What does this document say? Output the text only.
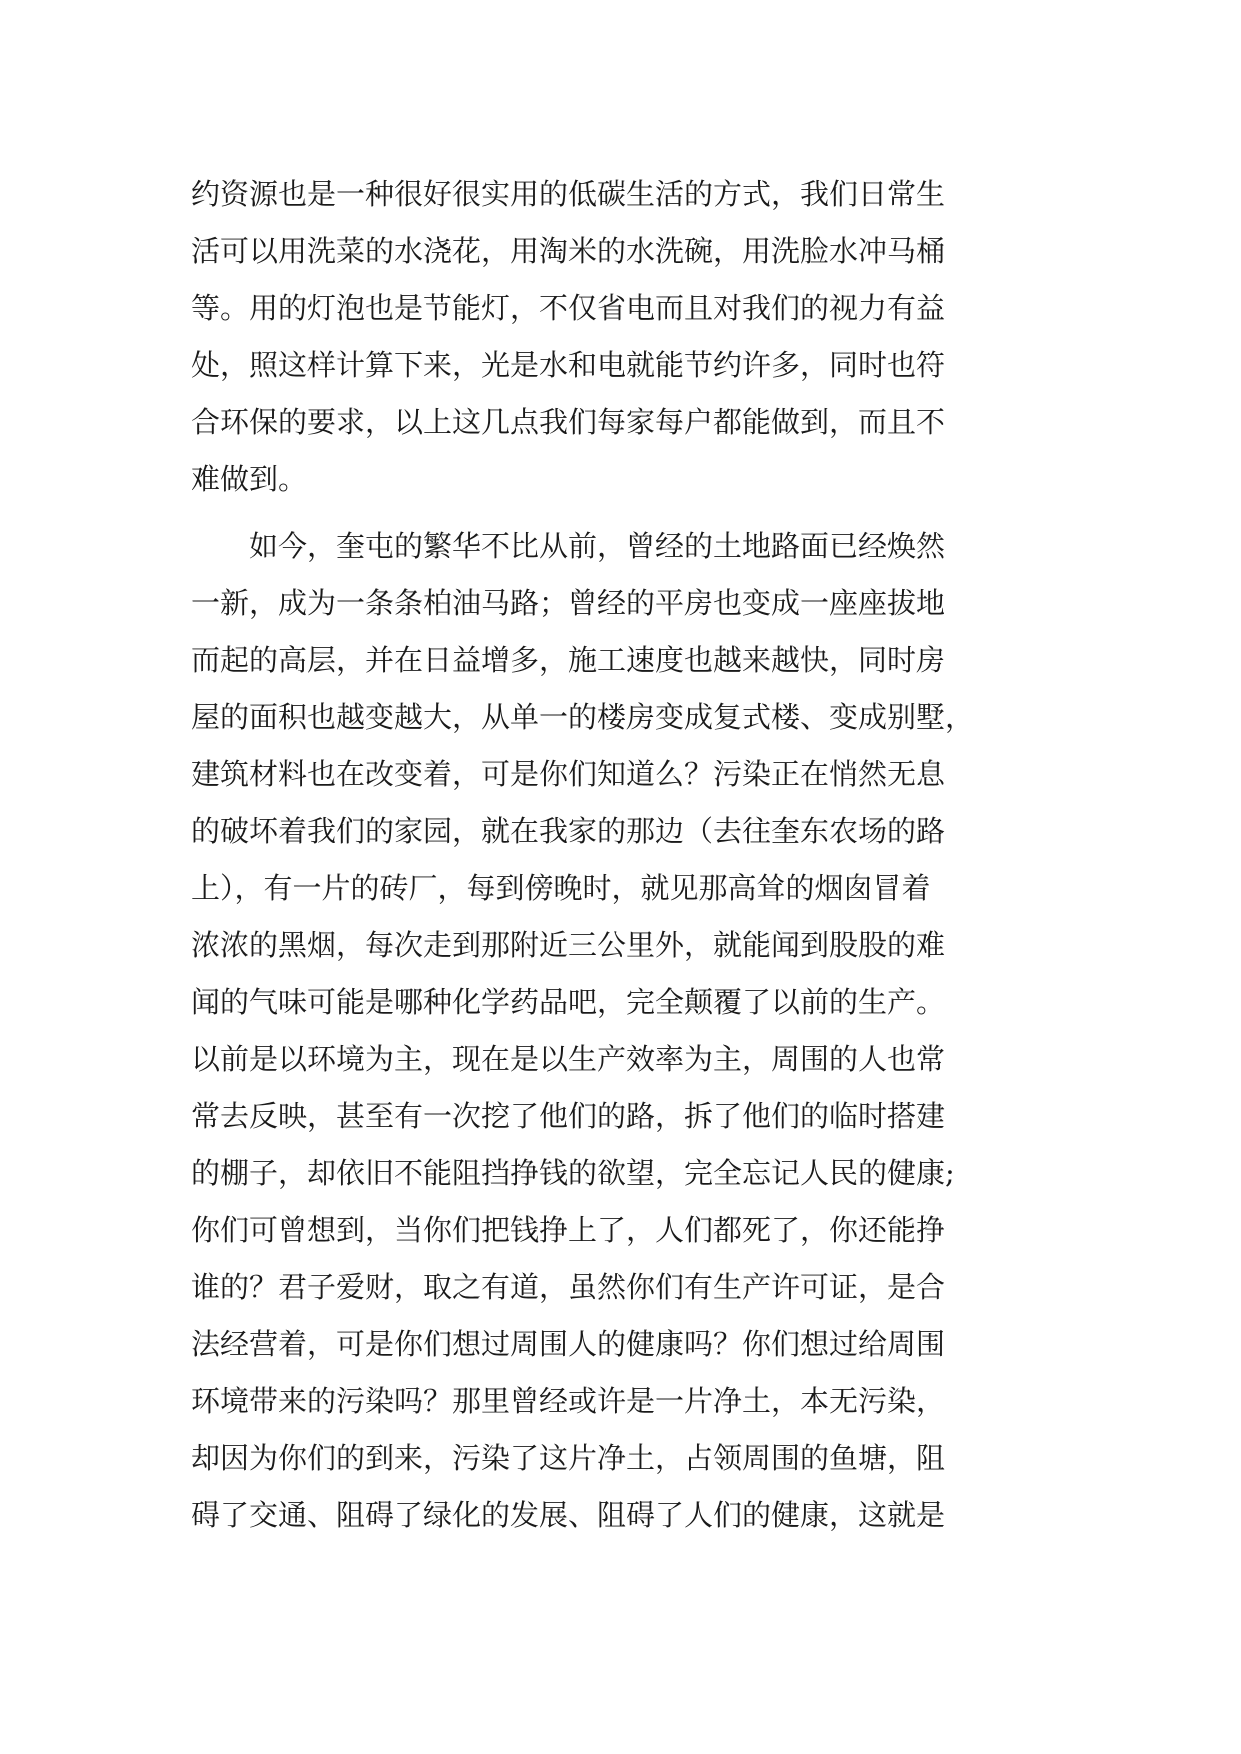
约资源也是一种很好很实用的低碳生活的方式，我们日常生
活可以用洗菜的水浇花，用淘米的水洗碗，用洗脸水冲马桶
等。用的灯泡也是节能灯，不仅省电而且对我们的视力有益
处，照这样计算下来，光是水和电就能节约许多，同时也符
合环保的要求，以上这几点我们每家每户都能做到，而且不
难做到。
如今，奎屯的繁华不比从前，曾经的土地路面已经焕然
一新，成为一条条柏油马路；曾经的平房也变成一座座拔地
而起的高层，并在日益增多，施工速度也越来越快，同时房
屋的面积也越变越大，从单一的楼房变成复式楼、变成别墅，
建筑材料也在改变着，可是你们知道么？污染正在悄然无息
的破坏着我们的家园，就在我家的那边（去往奎东农场的路
上），有一片的砖厂，每到傍晚时，就见那高耸的烟囱冒着
浓浓的黑烟，每次走到那附近三公里外，就能闻到股股的难
闻的气味可能是哪种化学药品吧，完全颠覆了以前的生产。
以前是以环境为主，现在是以生产效率为主，周围的人也常
常去反映，甚至有一次挖了他们的路，拆了他们的临时搭建
的棚子，却依旧不能阻挡挣钱的欲望，完全忘记人民的健康;
你们可曾想到，当你们把钱挣上了，人们都死了，你还能挣
谁的？君子爱财，取之有道，虽然你们有生产许可证，是合
法经营着，可是你们想过周围人的健康吗？你们想过给周围
环境带来的污染吗？那里曾经或许是一片净土，本无污染，
却因为你们的到来，污染了这片净土，占领周围的鱼塘，阻
碍了交通、阻碍了绿化的发展、阻碍了人们的健康，这就是
